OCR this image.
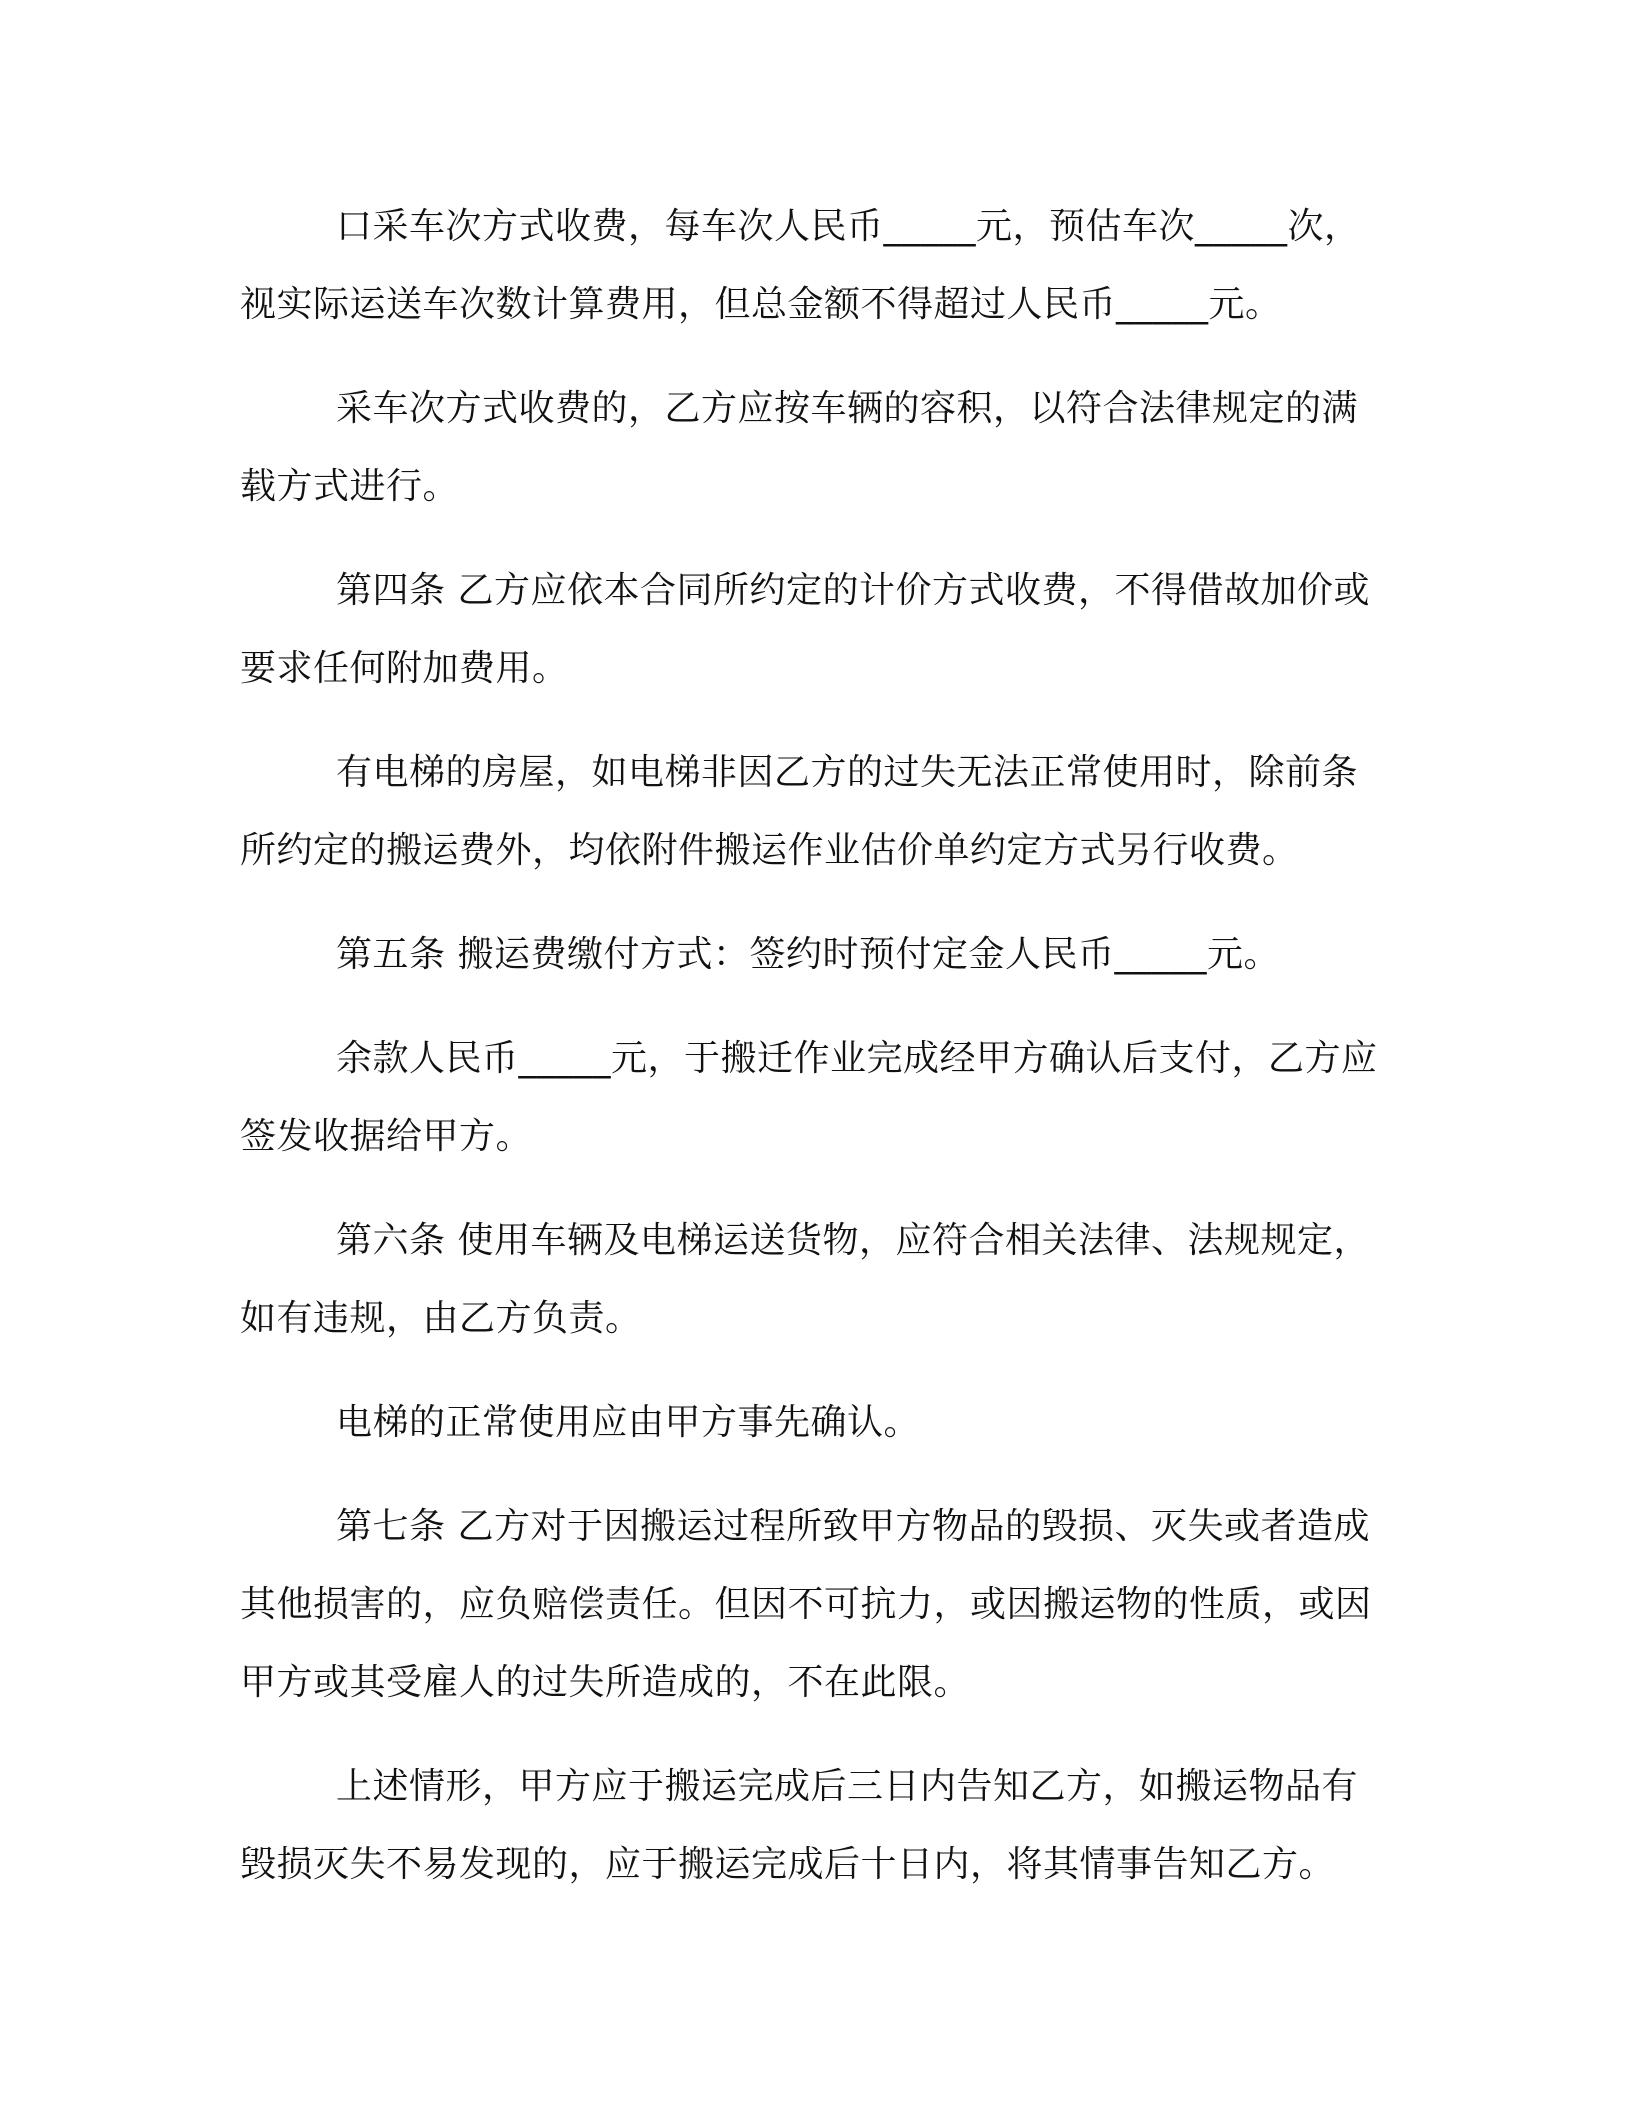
口采车次方式收费，每车次人民币_____元，预估车次_____次，视实际运送车次数计算费用，但总金额不得超过人民币_____元。

采车次方式收费的，乙方应按车辆的容积，以符合法律规定的满载方式进行。

第四条 乙方应依本合同所约定的计价方式收费，不得借故加价或要求任何附加费用。

有电梯的房屋，如电梯非因乙方的过失无法正常使用时，除前条所约定的搬运费外，均依附件搬运作业估价单约定方式另行收费。

第五条 搬运费缴付方式：签约时预付定金人民币_____元。

余款人民币_____元，于搬迁作业完成经甲方确认后支付，乙方应签发收据给甲方。

第六条 使用车辆及电梯运送货物，应符合相关法律、法规规定，如有违规，由乙方负责。

电梯的正常使用应由甲方事先确认。

第七条 乙方对于因搬运过程所致甲方物品的毁损、灭失或者造成其他损害的，应负赔偿责任。但因不可抗力，或因搬运物的性质，或因甲方或其受雇人的过失所造成的，不在此限。

上述情形，甲方应于搬运完成后三日内告知乙方，如搬运物品有毁损灭失不易发现的，应于搬运完成后十日内，将其情事告知乙方。
